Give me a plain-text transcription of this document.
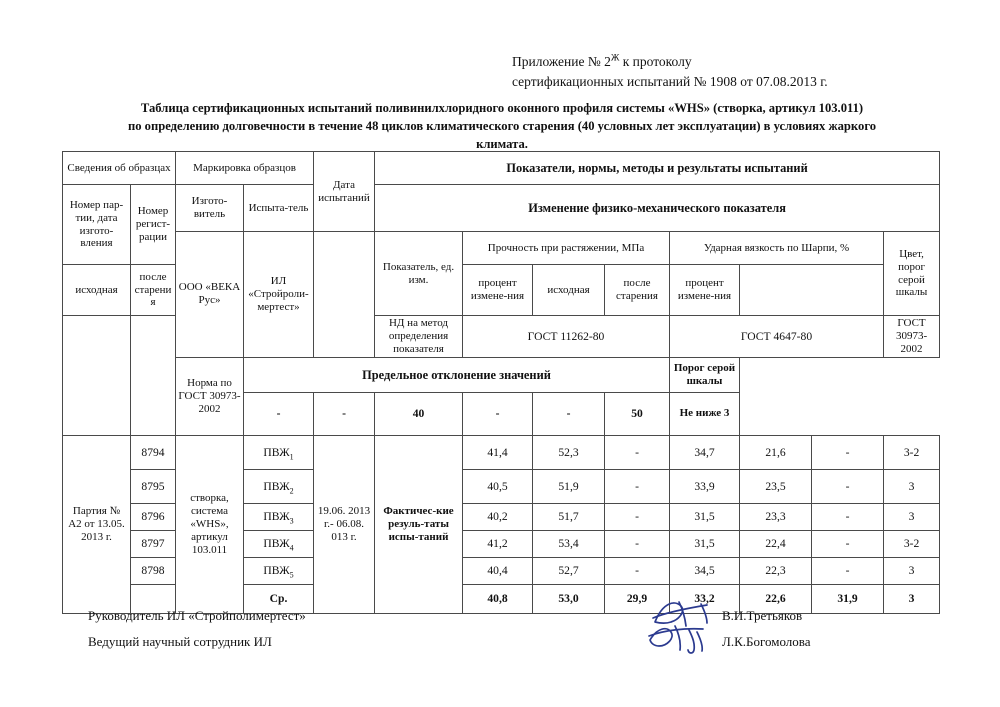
Приложение № $2^Ж$ к протоколу
сертификационных испытаний № 1908 от 07.08.2013 г.
Таблица сертификационных испытаний поливинилхлоридного оконного профиля системы «WHS» (створка, артикул 103.011)
по определению долговечности в течение 48 циклов климатического старения (40 условных лет эксплуатации) в условиях жаркого
климата.
Сведения об образцах		Маркировка образцов		Дата испытаний	Показатели, нормы, методы и результаты испытаний							
Номер пар-тии, дата изгото-вления	Номер регист-рации	Изгото-витель	Испыта-тель		Изменение физико-механического показателя							
		ООО «ВЕКА Рус»	ИЛ «Стройроли-мертест»		Показатель, ед. изм.	Прочность при растяжении, МПа			Ударная вязкость по Шарпи, %			Цвет, порог серой шкалы
исходная	после старения					процент измене-ния	исходная	после старения	процент измене-ния			
					НД на метод определения показателя	ГОСТ 11262-80			ГОСТ 4647-80			ГОСТ 30973-2002
		Норма по ГОСТ 30973-2002	Предельное отклонение значений						Порог серой шкалы			
			-	-	40	-	-	50	Не ниже 3			
Партия № А2 от 13.05. 2013 г.	8794	створка, система «WHS», артикул 103.011	$ПВЖ_1$	19.06. 2013 г.- 06.08. 013 г.	Фактичес-кие резуль-таты испы-таний	41,4	52,3	-	34,7	21,6	-	3-2
	8795		$ПВЖ_2$			40,5	51,9	-	33,9	23,5	-	3
	8796		$ПВЖ_3$			40,2	51,7	-	31,5	23,3	-	3
	8797		$ПВЖ_4$			41,2	53,4	-	31,5	22,4	-	3-2
	8798		$ПВЖ_5$			40,4	52,7	-	34,5	22,3	-	3
			Ср.			40,8	53,0	29,9	33,2	22,6	31,9	3
Руководитель ИЛ «Стройполимертест»
Ведущий научный сотрудник ИЛ
В.И.Третьяков
Л.К.Богомолова
